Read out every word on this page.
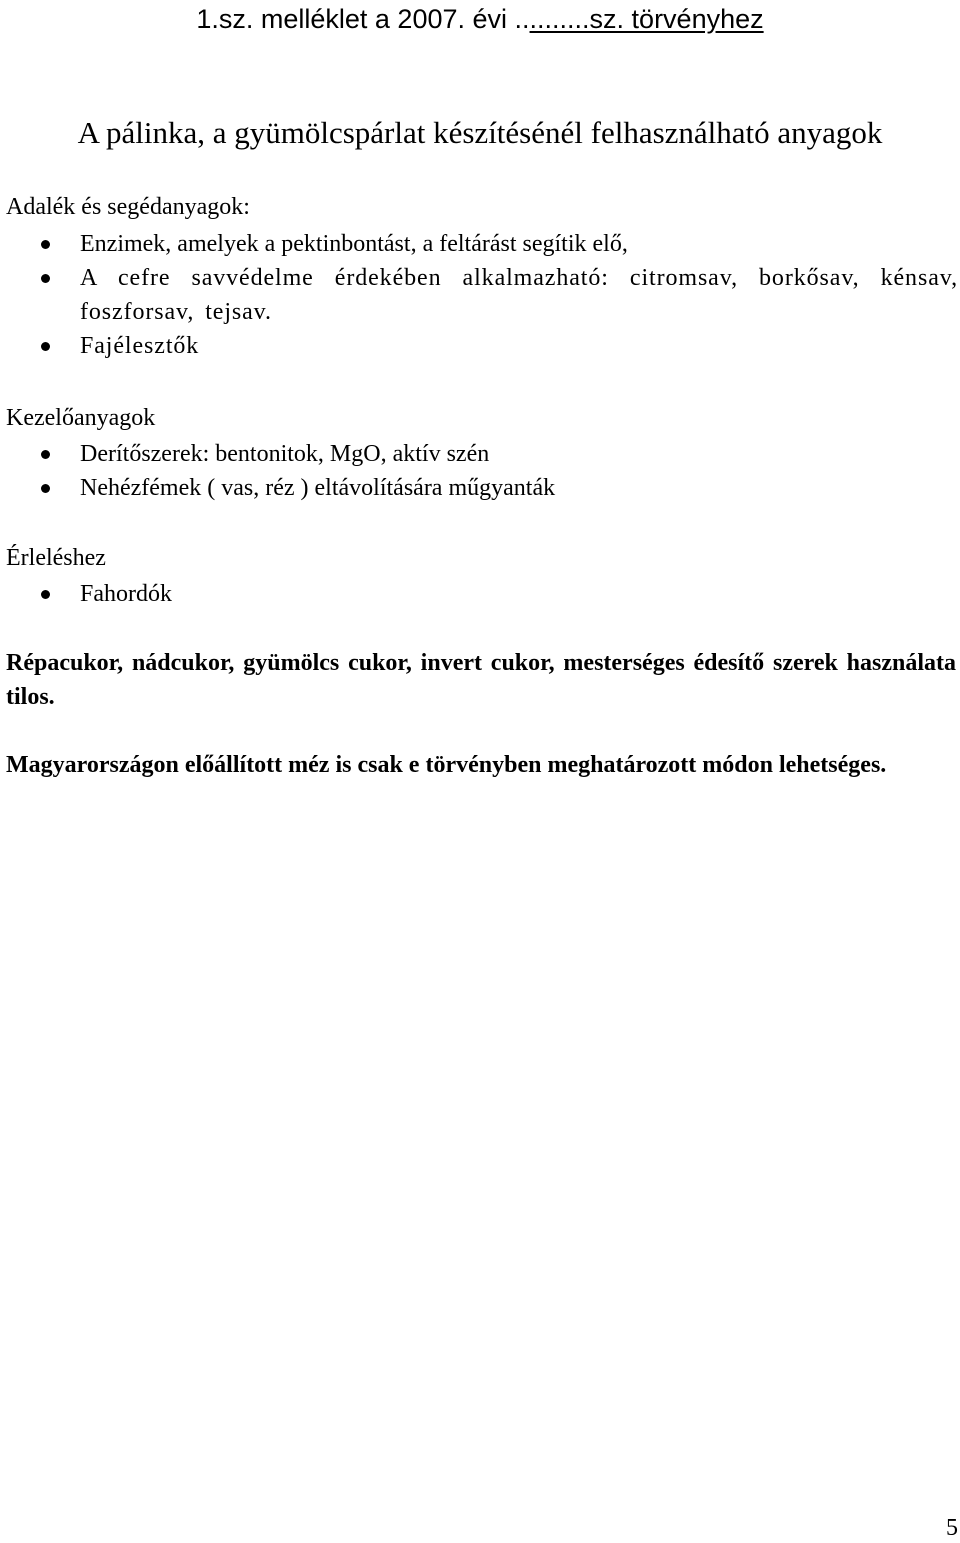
1.sz. melléklet a 2007. évi ..........sz. törvényhez

A pálinka, a gyümölcspárlat készítésénél felhasználható anyagok

Adalék és segédanyagok:

Enzimek, amelyek a pektinbontást, a feltárást segítik elő,
A cefre savvédelme érdekében alkalmazható: citromsav, borkősav, kénsav, foszforsav, tejsav.
Fajélesztők

Kezelőanyagok

Derítőszerek: bentonitok, MgO, aktív szén
Nehézfémek ( vas, réz ) eltávolítására műgyanták

Érleléshez

Fahordók

Répacukor, nádcukor, gyümölcs cukor, invert cukor, mesterséges édesítő szerek használata tilos.

Magyarországon előállított méz is csak e törvényben meghatározott módon lehetséges.

5
